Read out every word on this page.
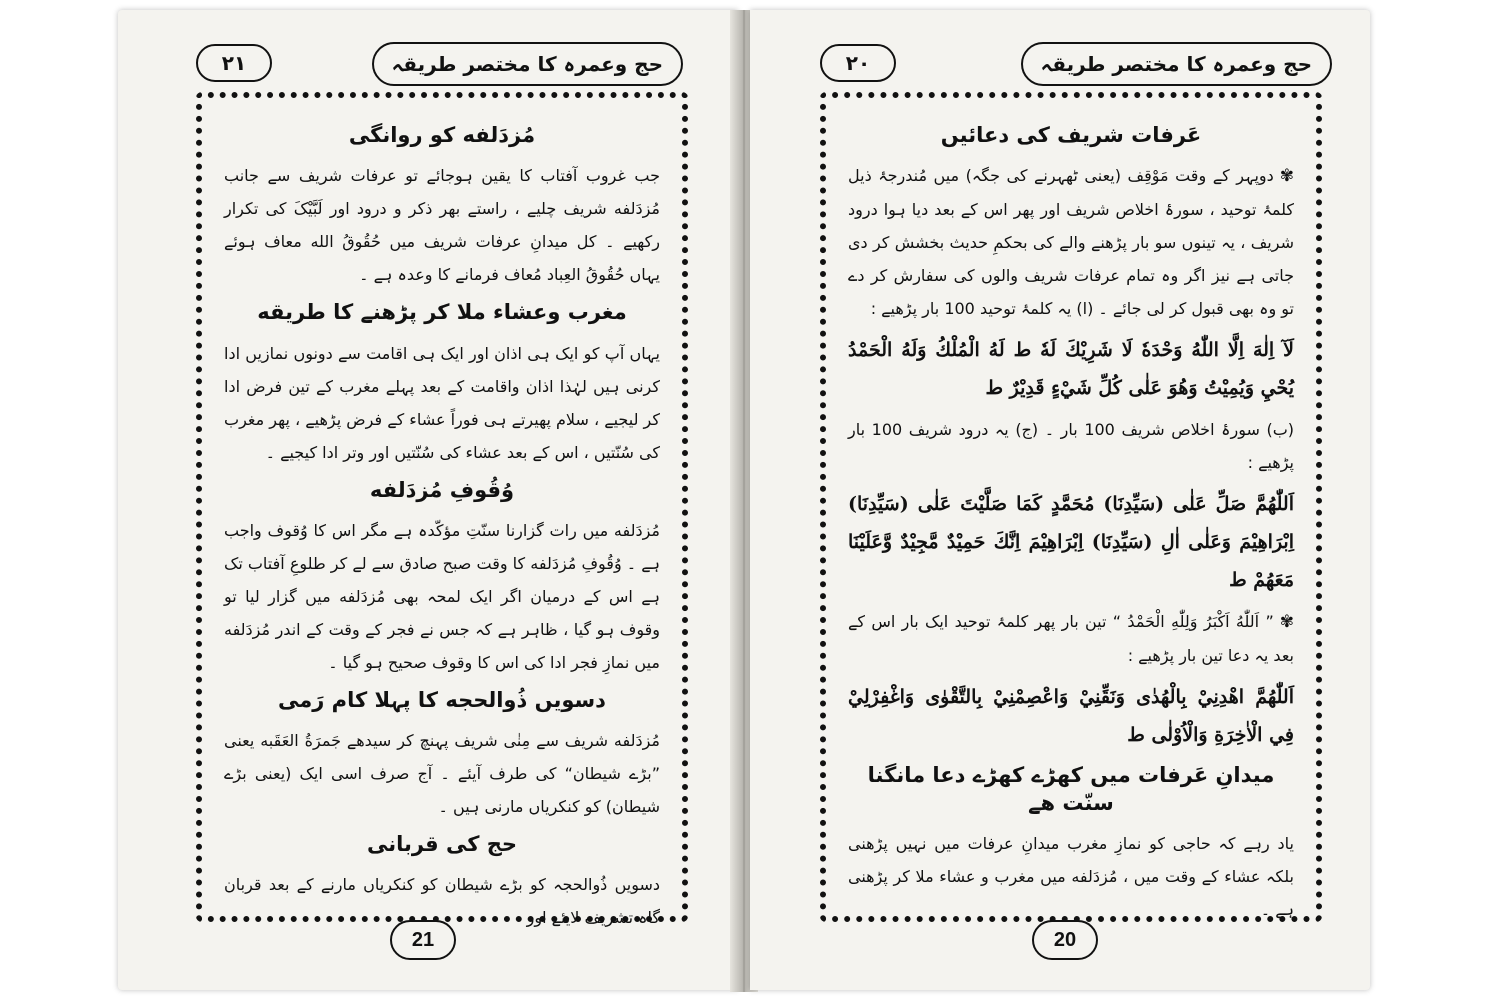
۲۱	حج وعمرہ کا مختصر طریقہ
مُزدَلفه کو روانگی

جب غروب آفتاب کا یقین ہوجائے تو عرفات شریف سے جانب مُزدَلفه شریف چلیے ، راستے بھر ذکر و درود اور لَبَّیْکَ کی تکرار رکھیے ۔ کل میدانِ عرفات شریف میں حُقُوقُ الله معاف ہوئے یہاں حُقُوقُ العِباد مُعاف فرمانے کا وعدہ ہے ۔

مغرب وعشاء ملا کر پڑھنے کا طریقه

یہاں آپ کو ایک ہی اذان اور ایک ہی اقامت سے دونوں نمازیں ادا کرنی ہیں لہٰذا اذان واقامت کے بعد پہلے مغرب کے تین فرض ادا کر لیجیے ، سلام پھیرتے ہی فوراً عشاء کے فرض پڑھیے ، پھر مغرب کی سُنّتیں ، اس کے بعد عشاء کی سُنّتیں اور وتر ادا کیجیے ۔

وُقُوفِ مُزدَلفه

مُزدَلفه میں رات گزارنا سنّتِ مؤکّدہ ہے مگر اس کا وُقوف واجب ہے ۔ وُقُوفِ مُزدَلفه کا وقت صبح صادق سے لے کر طلوعِ آفتاب تک ہے اس کے درمیان اگر ایک لمحہ بھی مُزدَلفه میں گزار لیا تو وقوف ہو گیا ، ظاہر ہے کہ جس نے فجر کے وقت کے اندر مُزدَلفه میں نمازِ فجر ادا کی اس کا وقوف صحیح ہو گیا ۔

دسویں ذُوالحجه کا پہلا کام رَمی

مُزدَلفه شریف سے مِنٰی شریف پہنچ کر سیدھے جَمرَةُ العَقَبه یعنی ”بڑے شیطان“ کی طرف آیئے ۔ آج صرف اسی ایک (یعنی بڑے شیطان) کو کنکریاں مارنی ہیں ۔

حج کی قربانی

دسویں ذُوالحجہ کو بڑے شیطان کو کنکریاں مارنے کے بعد قربان گاہ تشریف لایئے اور

21
۲۰	حج وعمرہ کا مختصر طریقہ
عَرفات شریف کی دعائیں

✾ دوپہر کے وقت مَوْقِف (یعنی ٹھہرنے کی جگہ) میں مُندرجۂ ذیل کلمۂ توحید ، سورۂ اخلاص شریف اور پھر اس کے بعد دیا ہوا درود شریف ، یہ تینوں سو بار پڑھنے والے کی بحکمِ حدیث بخشش کر دی جاتی ہے نیز اگر وہ تمام عرفات شریف والوں کی سفارش کر دے تو وہ بھی قبول کر لی جائے ۔ (ا) یہ کلمۂ توحید 100 بار پڑھیے :

لَآ اِلٰهَ اِلَّا اللّٰهُ وَحْدَهٗ لَا شَرِيْكَ لَهٗ ط لَهُ الْمُلْكُ وَلَهُ الْحَمْدُ يُحْيِ وَيُمِيْتُ وَهُوَ عَلٰى كُلِّ شَيْءٍ قَدِيْرٌ ط

(ب) سورۂ اخلاص شریف 100 بار ۔ (ج) یہ درود شریف 100 بار پڑھیے :

اَللّٰهُمَّ صَلِّ عَلٰى (سَيِّدِنَا) مُحَمَّدٍ كَمَا صَلَّيْتَ عَلٰى (سَيِّدِنَا) اِبْرَاهِيْمَ وَعَلٰى اٰلِ (سَيِّدِنَا) اِبْرَاهِيْمَ اِنَّكَ حَمِيْدٌ مَّجِيْدٌ وَّعَلَيْنَا مَعَهُمْ ط

✾ ” اَللّٰهُ اَكْبَرُ وَلِلّٰهِ الْحَمْدُ “ تین بار پھر کلمۂ توحید ایک بار اس کے بعد یہ دعا تین بار پڑھیے :

اَللّٰهُمَّ اهْدِنِيْ بِالْهُدٰى وَنَقِّنِيْ وَاعْصِمْنِيْ بِالتَّقْوٰى وَاغْفِرْلِيْ فِي الْاٰخِرَةِ وَالْاُوْلٰى ط

میدانِ عَرفات میں کھڑے کھڑے دعا مانگنا سنّت هے

یاد رہے کہ حاجی کو نمازِ مغرب میدانِ عرفات میں نہیں پڑھنی بلکہ عشاء کے وقت میں ، مُزدَلفه میں مغرب و عشاء ملا کر پڑھنی ہے ۔

20
